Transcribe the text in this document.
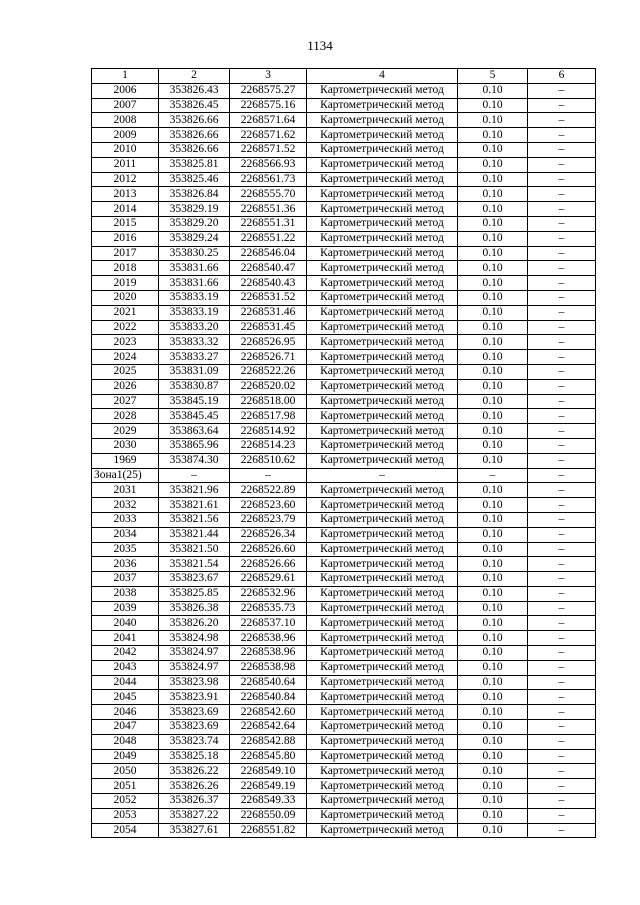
1134
1	2	3	4	5	6
2006	353826.43	2268575.27	Картометрический метод	0.10	–
2007	353826.45	2268575.16	Картометрический метод	0.10	–
2008	353826.66	2268571.64	Картометрический метод	0.10	–
2009	353826.66	2268571.62	Картометрический метод	0.10	–
2010	353826.66	2268571.52	Картометрический метод	0.10	–
2011	353825.81	2268566.93	Картометрический метод	0.10	–
2012	353825.46	2268561.73	Картометрический метод	0.10	–
2013	353826.84	2268555.70	Картометрический метод	0.10	–
2014	353829.19	2268551.36	Картометрический метод	0.10	–
2015	353829.20	2268551.31	Картометрический метод	0.10	–
2016	353829.24	2268551.22	Картометрический метод	0.10	–
2017	353830.25	2268546.04	Картометрический метод	0.10	–
2018	353831.66	2268540.47	Картометрический метод	0.10	–
2019	353831.66	2268540.43	Картометрический метод	0.10	–
2020	353833.19	2268531.52	Картометрический метод	0.10	–
2021	353833.19	2268531.46	Картометрический метод	0.10	–
2022	353833.20	2268531.45	Картометрический метод	0.10	–
2023	353833.32	2268526.95	Картометрический метод	0.10	–
2024	353833.27	2268526.71	Картометрический метод	0.10	–
2025	353831.09	2268522.26	Картометрический метод	0.10	–
2026	353830.87	2268520.02	Картометрический метод	0.10	–
2027	353845.19	2268518.00	Картометрический метод	0.10	–
2028	353845.45	2268517.98	Картометрический метод	0.10	–
2029	353863.64	2268514.92	Картометрический метод	0.10	–
2030	353865.96	2268514.23	Картометрический метод	0.10	–
1969	353874.30	2268510.62	Картометрический метод	0.10	–
Зона1(25)	–	–	–	–	–
2031	353821.96	2268522.89	Картометрический метод	0.10	–
2032	353821.61	2268523.60	Картометрический метод	0.10	–
2033	353821.56	2268523.79	Картометрический метод	0.10	–
2034	353821.44	2268526.34	Картометрический метод	0.10	–
2035	353821.50	2268526.60	Картометрический метод	0.10	–
2036	353821.54	2268526.66	Картометрический метод	0.10	–
2037	353823.67	2268529.61	Картометрический метод	0.10	–
2038	353825.85	2268532.96	Картометрический метод	0.10	–
2039	353826.38	2268535.73	Картометрический метод	0.10	–
2040	353826.20	2268537.10	Картометрический метод	0.10	–
2041	353824.98	2268538.96	Картометрический метод	0.10	–
2042	353824.97	2268538.96	Картометрический метод	0.10	–
2043	353824.97	2268538.98	Картометрический метод	0.10	–
2044	353823.98	2268540.64	Картометрический метод	0.10	–
2045	353823.91	2268540.84	Картометрический метод	0.10	–
2046	353823.69	2268542.60	Картометрический метод	0.10	–
2047	353823.69	2268542.64	Картометрический метод	0.10	–
2048	353823.74	2268542.88	Картометрический метод	0.10	–
2049	353825.18	2268545.80	Картометрический метод	0.10	–
2050	353826.22	2268549.10	Картометрический метод	0.10	–
2051	353826.26	2268549.19	Картометрический метод	0.10	–
2052	353826.37	2268549.33	Картометрический метод	0.10	–
2053	353827.22	2268550.09	Картометрический метод	0.10	–
2054	353827.61	2268551.82	Картометрический метод	0.10	–
